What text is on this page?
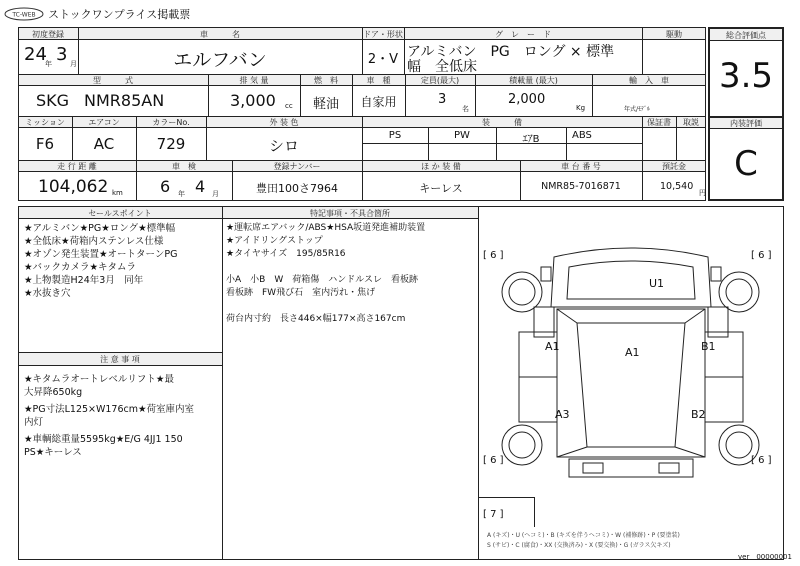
TC-WEB ストックワンプライス掲載票
初度登録
24
年 3 月
車　　　名
エルフバン
ドア・形状
2・V
グ　レ　ー　ド
アルミバン　PG　ロング × 標準
幅　全低床
駆動
型　　　式
SKG NMR85AN
排 気 量
3,000 cc
燃　料
軽油
車　種
自家用
定員(最大)
3
名
積載量 (最大)
2,000
Kg
輸　入　車
年式/ﾓﾃﾞﾙ
ミッション
F6
エアコン
AC
カラーNo.
729
外 装 色
シロ
装　　　備
PS	PW	ｴｱB	ABS
保証書	取説
走 行 距 離
104,062 km
車　検
6 年 4 月
登録ナンバー
豊田100さ7964
ほ か 装 備
キーレス
車 台 番 号
NMR85-7016871
預託金
10,540
円
総合評価点
3.5
内装評価
C
セールスポイント
★アルミバン★PG★ロング★標準幅
★全低床★荷箱内ステンレス仕様
★オゾン発生装置★オートターンPG
★バックカメラ★キタムラ
★上物製造H24年3月　同年
★水抜き穴
注 意 事 項
★キタムラオートレベルリフト★最
大昇降650kg
★PG寸法L125×W176cm★荷室庫内室
内灯
★車輌総重量5595kg★E/G 4JJ1 150
PS★キーレス
特記事項・不具合箇所
★運転席エアバック/ABS★HSA坂道発進補助装置
★アイドリングストップ
★タイヤサイズ　195/85R16
小A　小B　W　荷箱傷　ハンドルスレ　看板跡
看板跡　FW飛び石　室内汚れ・焦げ
荷台内寸約　長さ446×幅177×高さ167cm
[ 6 ]	[ 6 ]
[ 6 ]	[ 6 ]
[ 7 ]
U1
A1	A1	B1
A3	B2
A (キズ)・U (ヘコミ)・B (キズを伴うヘコミ)・W (補修跡)・P (要塗装)
S (サビ)・C (腐食)・XX (交換済み)・X (要交換)・G (ガラス欠キズ)
ver　00000001
